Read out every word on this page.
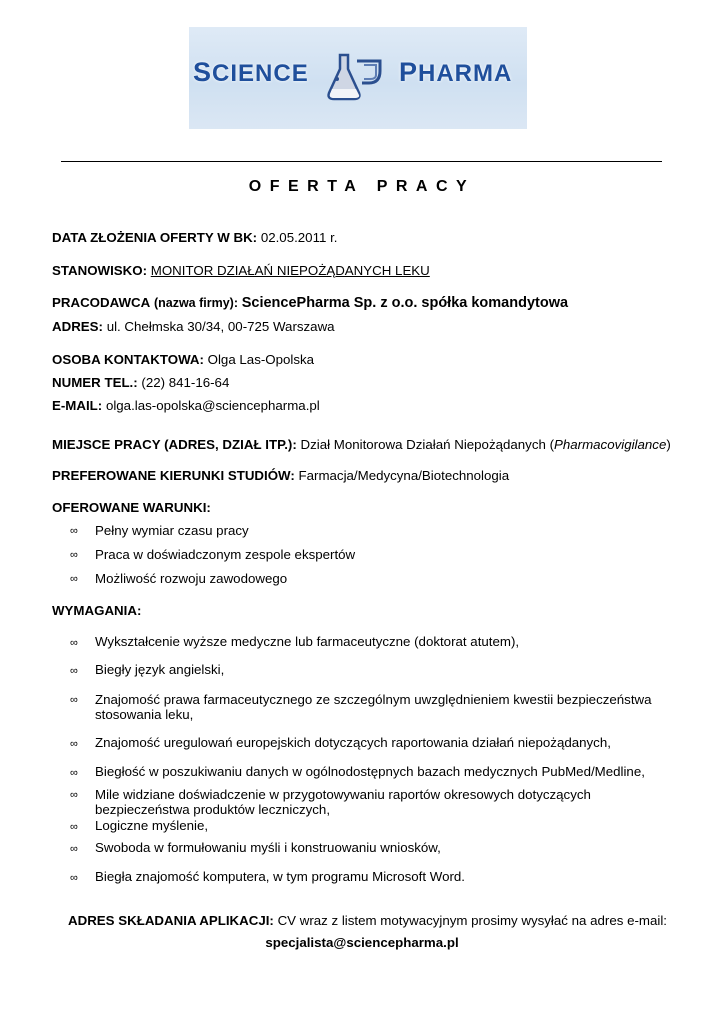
SCIENCE	PHARMA
OFERTA PRACY
DATA ZŁOŻENIA OFERTY W BK: 02.05.2011 r.
STANOWISKO: MONITOR DZIAŁAŃ NIEPOŻĄDANYCH LEKU
PRACODAWCA (nazwa firmy): SciencePharma Sp. z o.o. spółka komandytowa
ADRES: ul. Chełmska 30/34, 00-725 Warszawa
OSOBA KONTAKTOWA: Olga Las-Opolska
NUMER TEL.: (22) 841-16-64
E-MAIL: olga.las-opolska@sciencepharma.pl
MIEJSCE PRACY (ADRES, DZIAŁ ITP.): Dział Monitorowa Działań Niepożądanych (Pharmacovigilance)
PREFEROWANE KIERUNKI STUDIÓW: Farmacja/Medycyna/Biotechnologia
OFEROWANE WARUNKI:
∞ Pełny wymiar czasu pracy
∞ Praca w doświadczonym zespole ekspertów
∞ Możliwość rozwoju zawodowego
WYMAGANIA:
∞ Wykształcenie wyższe medyczne lub farmaceutyczne (doktorat atutem),
∞ Biegły język angielski,
∞ Znajomość prawa farmaceutycznego ze szczególnym uwzględnieniem kwestii bezpieczeństwa stosowania leku,
∞ Znajomość uregulowań europejskich dotyczących raportowania działań niepożądanych,
∞ Biegłość w poszukiwaniu danych w ogólnodostępnych bazach medycznych PubMed/Medline,
∞ Mile widziane doświadczenie w przygotowywaniu raportów okresowych dotyczących bezpieczeństwa produktów leczniczych,
∞ Logiczne myślenie,
∞ Swoboda w formułowaniu myśli i konstruowaniu wniosków,
∞ Biegła znajomość komputera, w tym programu Microsoft Word.
ADRES SKŁADANIA APLIKACJI: CV wraz z listem motywacyjnym prosimy wysyłać na adres e-mail:
specjalista@sciencepharma.pl
